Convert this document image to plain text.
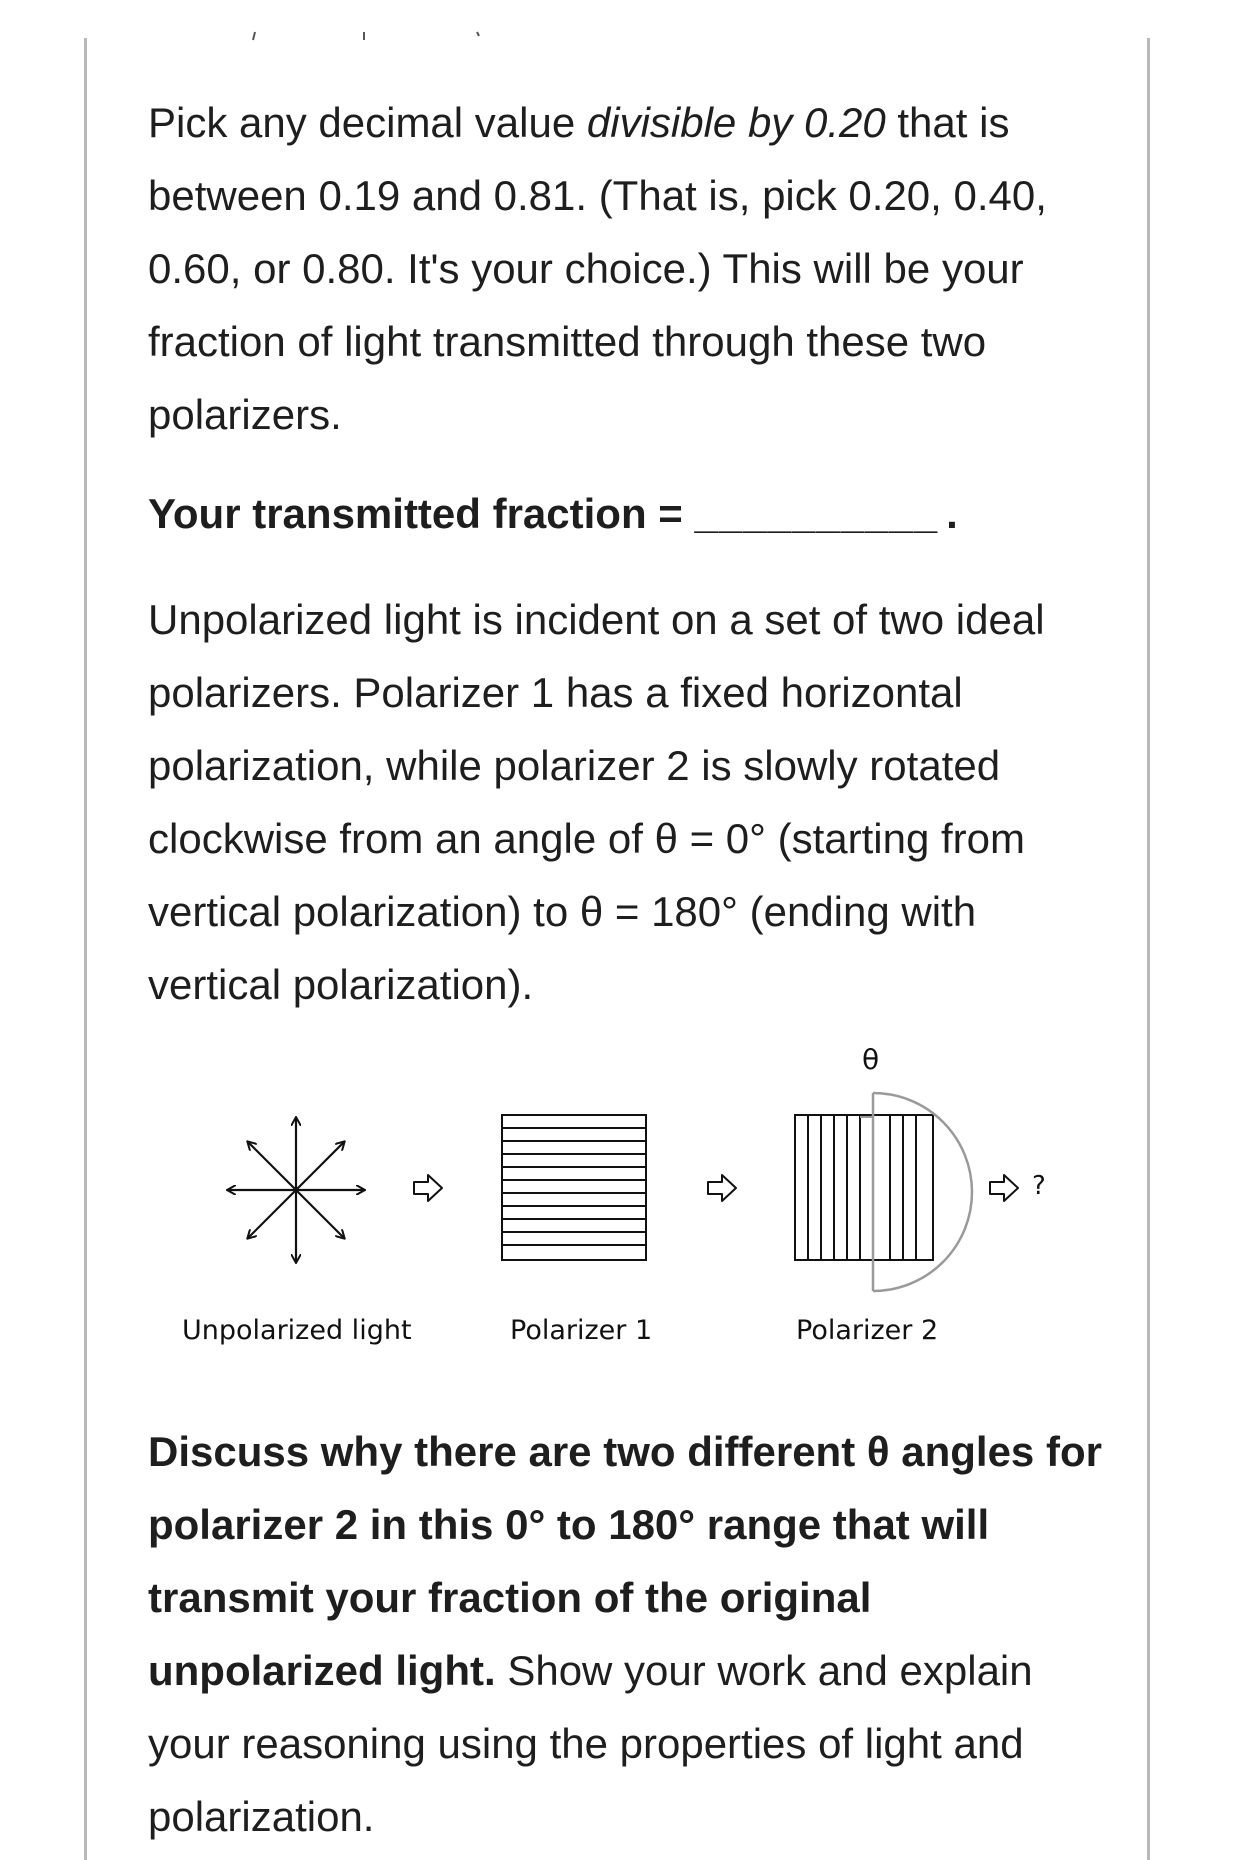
Pick any decimal value divisible by 0.20 that is between 0.19 and 0.81. (That is, pick 0.20, 0.40, 0.60, or 0.80. It's your choice.) This will be your fraction of light transmitted through these two polarizers.

Your transmitted fraction = __________ .

Unpolarized light is incident on a set of two ideal polarizers. Polarizer 1 has a fixed horizontal polarization, while polarizer 2 is slowly rotated clockwise from an angle of θ = 0° (starting from vertical polarization) to θ = 180° (ending with vertical polarization).

θ
?
Unpolarized light	Polarizer 1	Polarizer 2

Discuss why there are two different θ angles for polarizer 2 in this 0° to 180° range that will transmit your fraction of the original unpolarized light. Show your work and explain your reasoning using the properties of light and polarization.
